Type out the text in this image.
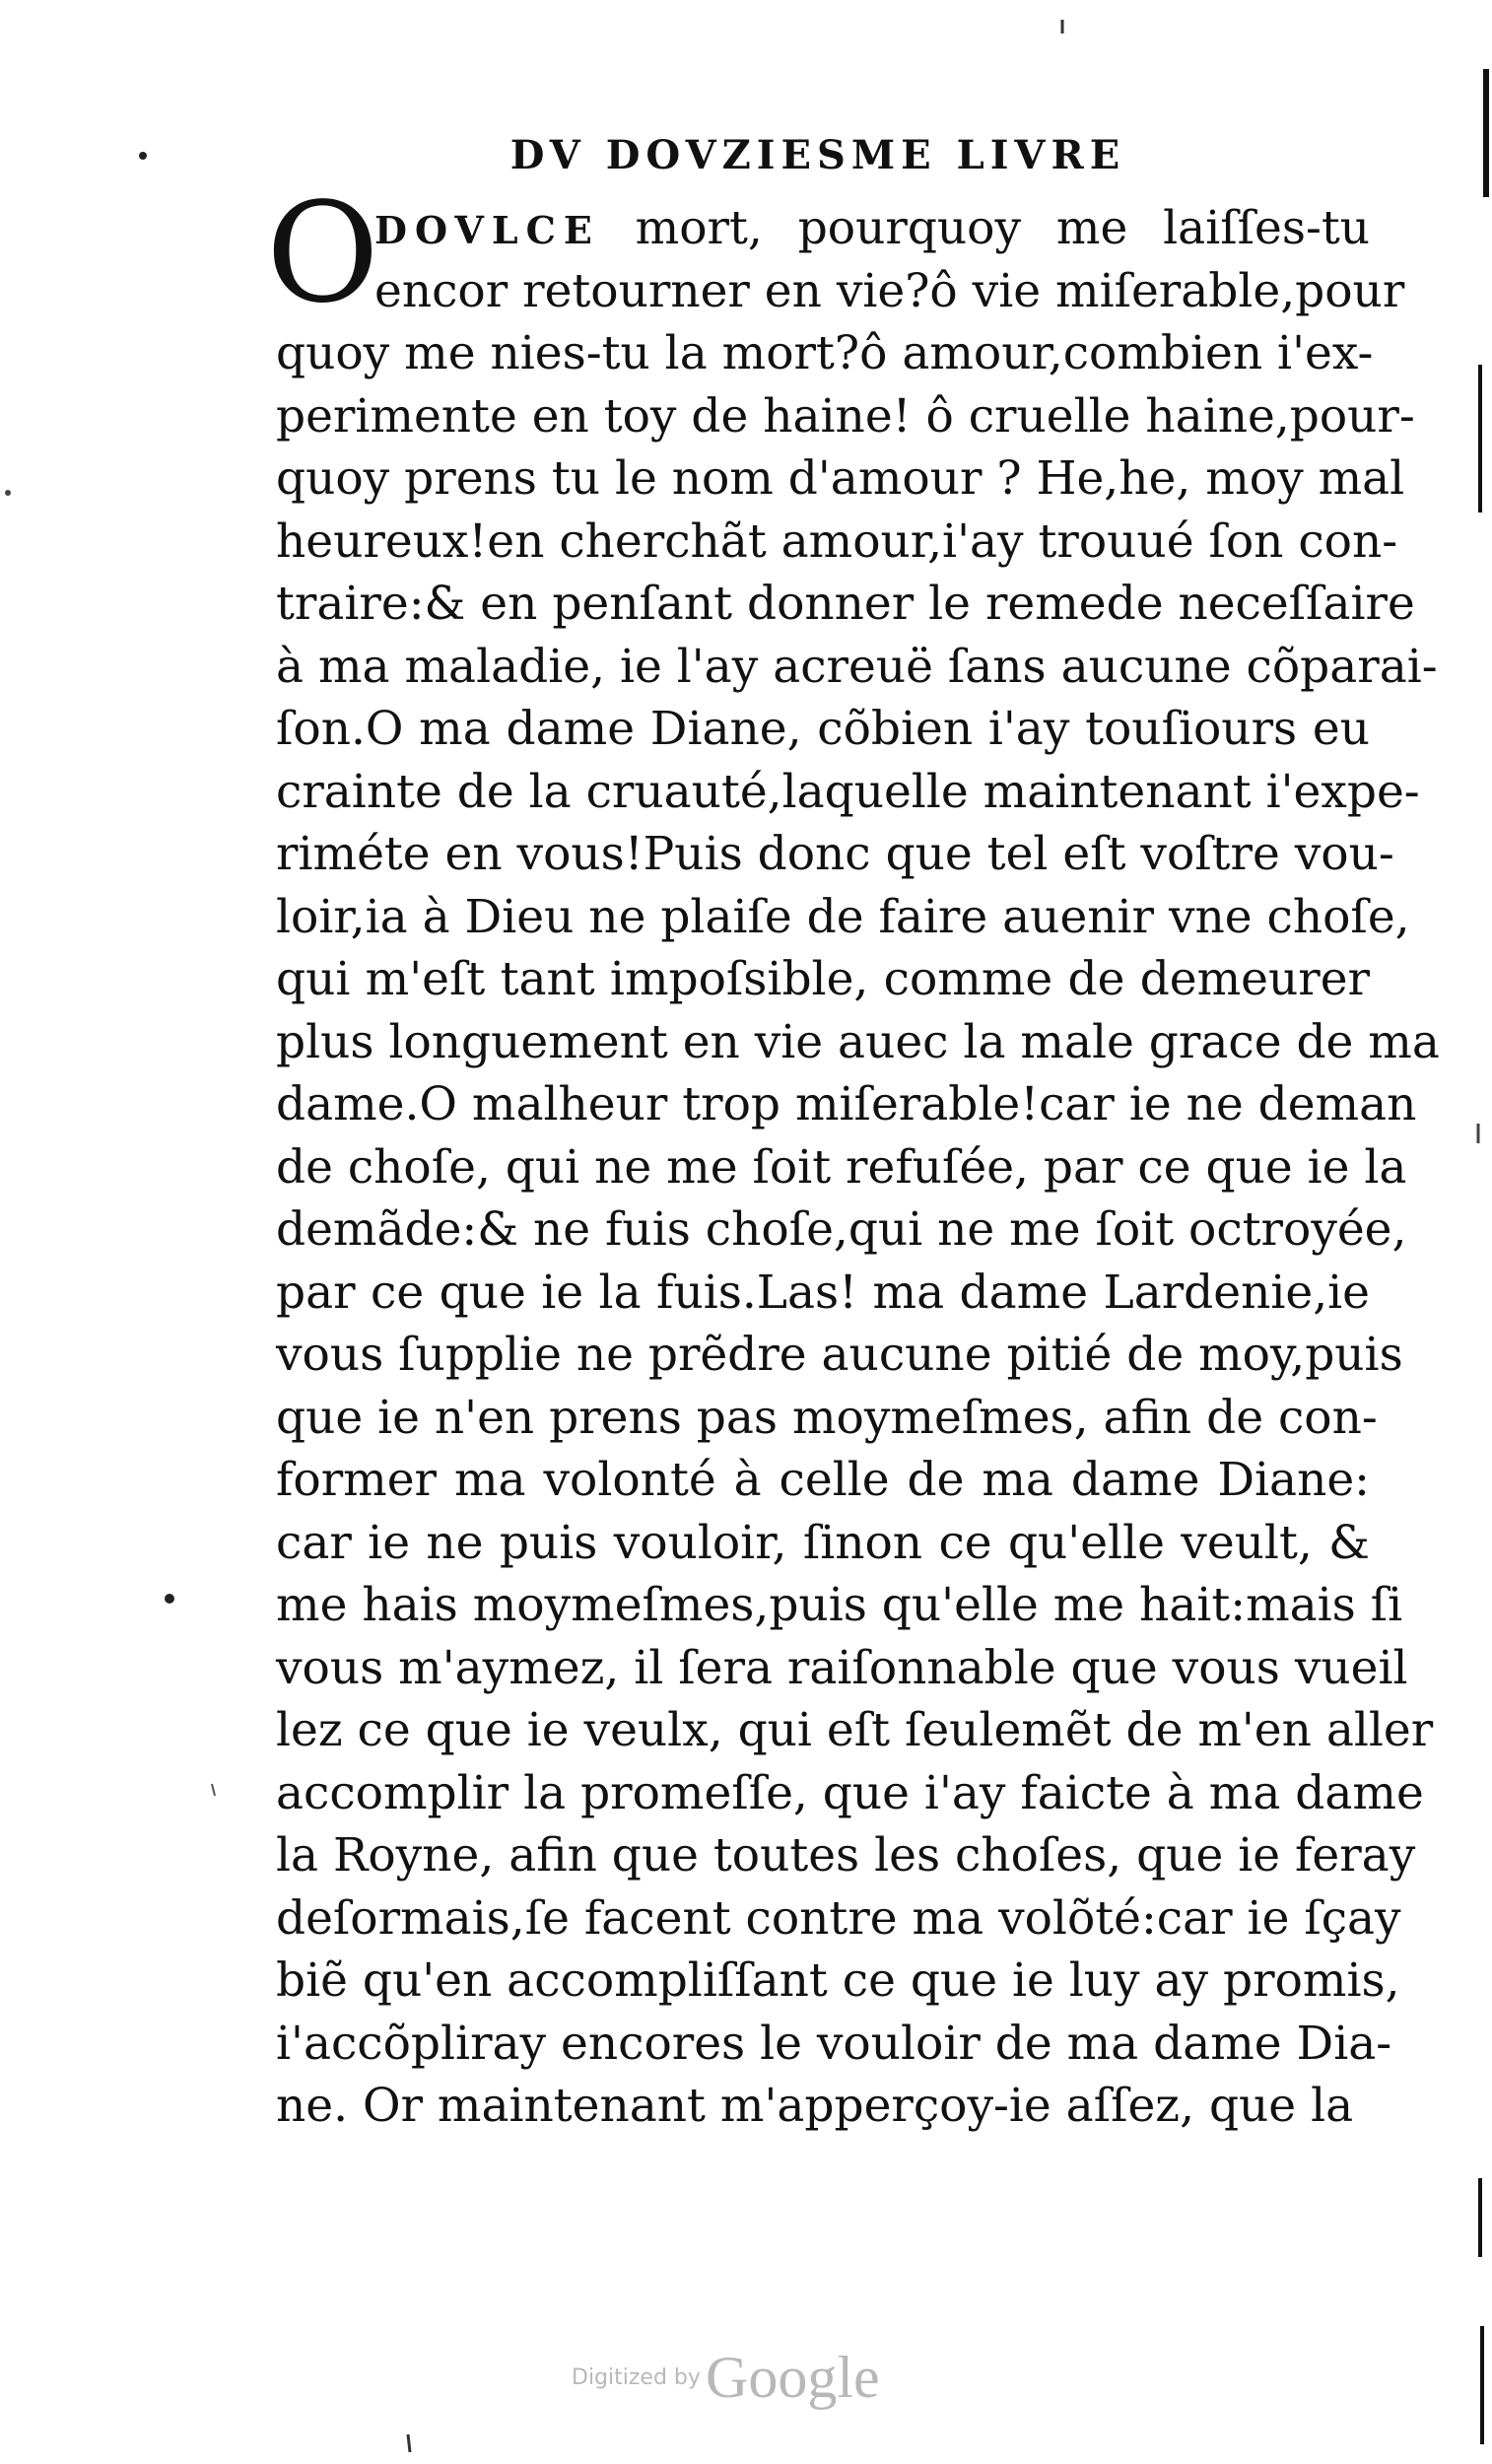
DV DOVZIESME LIVRE
O
DOVLCE mort, pourquoy me laiſſes-tu
encor retourner en vie?ô vie miſerable,pour
quoy me nies-tu la mort?ô amour,combien i'ex-
perimente en toy de haine! ô cruelle haine,pour-
quoy prens tu le nom d'amour ? He,he, moy mal
heureux!en cherchãt amour,i'ay trouué ſon con-
traire:& en penſant donner le remede neceſſaire
à ma maladie, ie l'ay acreuë ſans aucune cõparai-
ſon.O ma dame Diane, cõbien i'ay touſiours eu
crainte de la cruauté,laquelle maintenant i'expe-
riméte en vous!Puis donc que tel eſt voſtre vou-
loir,ia à Dieu ne plaiſe de faire auenir vne choſe,
qui m'eſt tant impoſsible, comme de demeurer
plus longuement en vie auec la male grace de ma
dame.O malheur trop miſerable!car ie ne deman
de choſe, qui ne me ſoit refuſée, par ce que ie la
demãde:& ne fuis choſe,qui ne me ſoit octroyée,
par ce que ie la fuis.Las! ma dame Lardenie,ie
vous ſupplie ne prẽdre aucune pitié de moy,puis
que ie n'en prens pas moymeſmes, afin de con-
former ma volonté à celle de ma dame Diane:
car ie ne puis vouloir, ſinon ce qu'elle veult, &
me hais moymeſmes,puis qu'elle me hait:mais ſi
vous m'aymez, il ſera raiſonnable que vous vueil
lez ce que ie veulx, qui eſt ſeulemẽt de m'en aller
accomplir la promeſſe, que i'ay faicte à ma dame
la Royne, afin que toutes les choſes, que ie feray
deſormais,ſe facent contre ma volõté:car ie ſçay
biẽ qu'en accompliſſant ce que ie luy ay promis,
i'accõpliray encores le vouloir de ma dame Dia-
ne. Or maintenant m'apperçoy-ie aſſez, que la
Digitized by Google
